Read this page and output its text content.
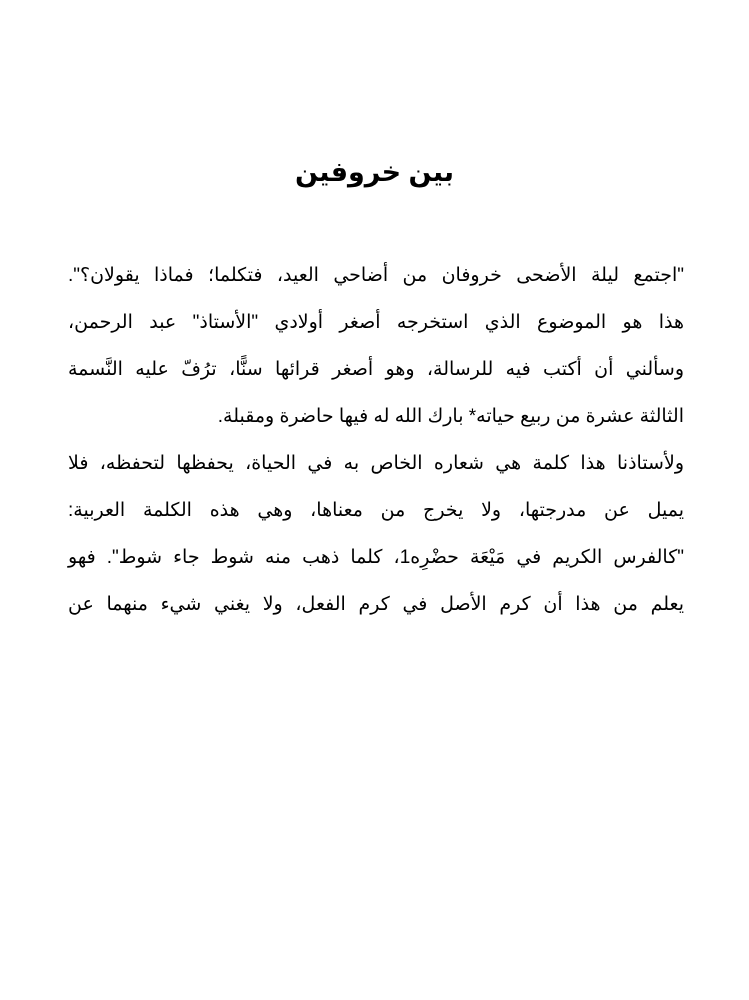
بين خروفين
"اجتمع ليلة الأضحى خروفان من أضاحي العيد، فتكلما؛ فماذا يقولان؟".
هذا هو الموضوع الذي استخرجه أصغر أولادي "الأستاذ" عبد الرحمن،
وسألني أن أكتب فيه للرسالة، وهو أصغر قرائها سنًّا، ترُفّ عليه النَّسمة
الثالثة عشرة من ربيع حياته* بارك الله له فيها حاضرة ومقبلة.
ولأستاذنا هذا كلمة هي شعاره الخاص به في الحياة، يحفظها لتحفظه، فلا
يميل عن مدرجتها، ولا يخرج من معناها، وهي هذه الكلمة العربية:
"كالفرس الكريم في مَيْعَة حضْرِه1، كلما ذهب منه شوط جاء شوط". فهو
يعلم من هذا أن كرم الأصل في كرم الفعل، ولا يغني شيء منهما عن
